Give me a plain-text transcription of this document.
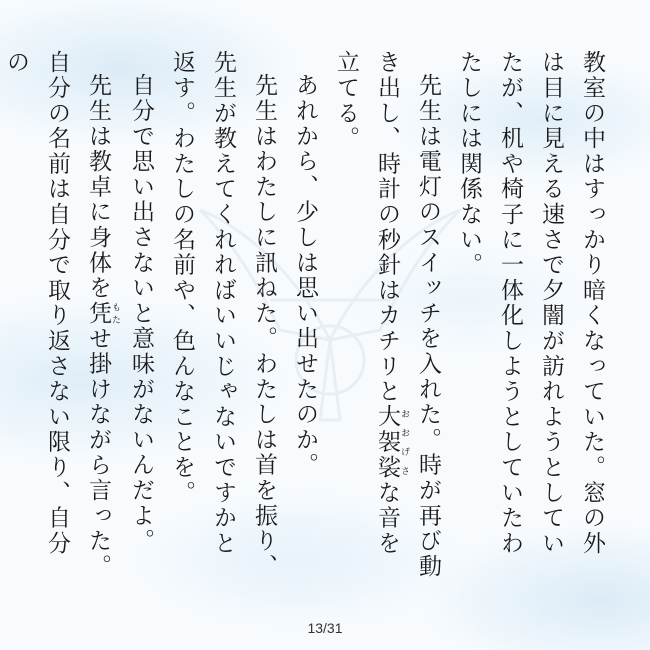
教室の中はすっかり暗くなっていた。窓の外は目に見える速さで夕闇が訪れようとしていたが、机や椅子に一体化しようとしていたわたしには関係ない。

先生は電灯のスイッチを入れた。時が再び動き出し、時計の秒針はカチリと大袈裟 おおげさな音を立てる。

あれから、少しは思い出せたのか。

先生はわたしに訊ねた。わたしは首を振り、先生が教えてくれればいいじゃないですかと返す。わたしの名前や、色んなことを。

自分で思い出さないと意味がないんだよ。

先生は教卓に身体を凭 もたせ掛けながら言った。自分の名前は自分で取り返さない限り、自分の

13/31
